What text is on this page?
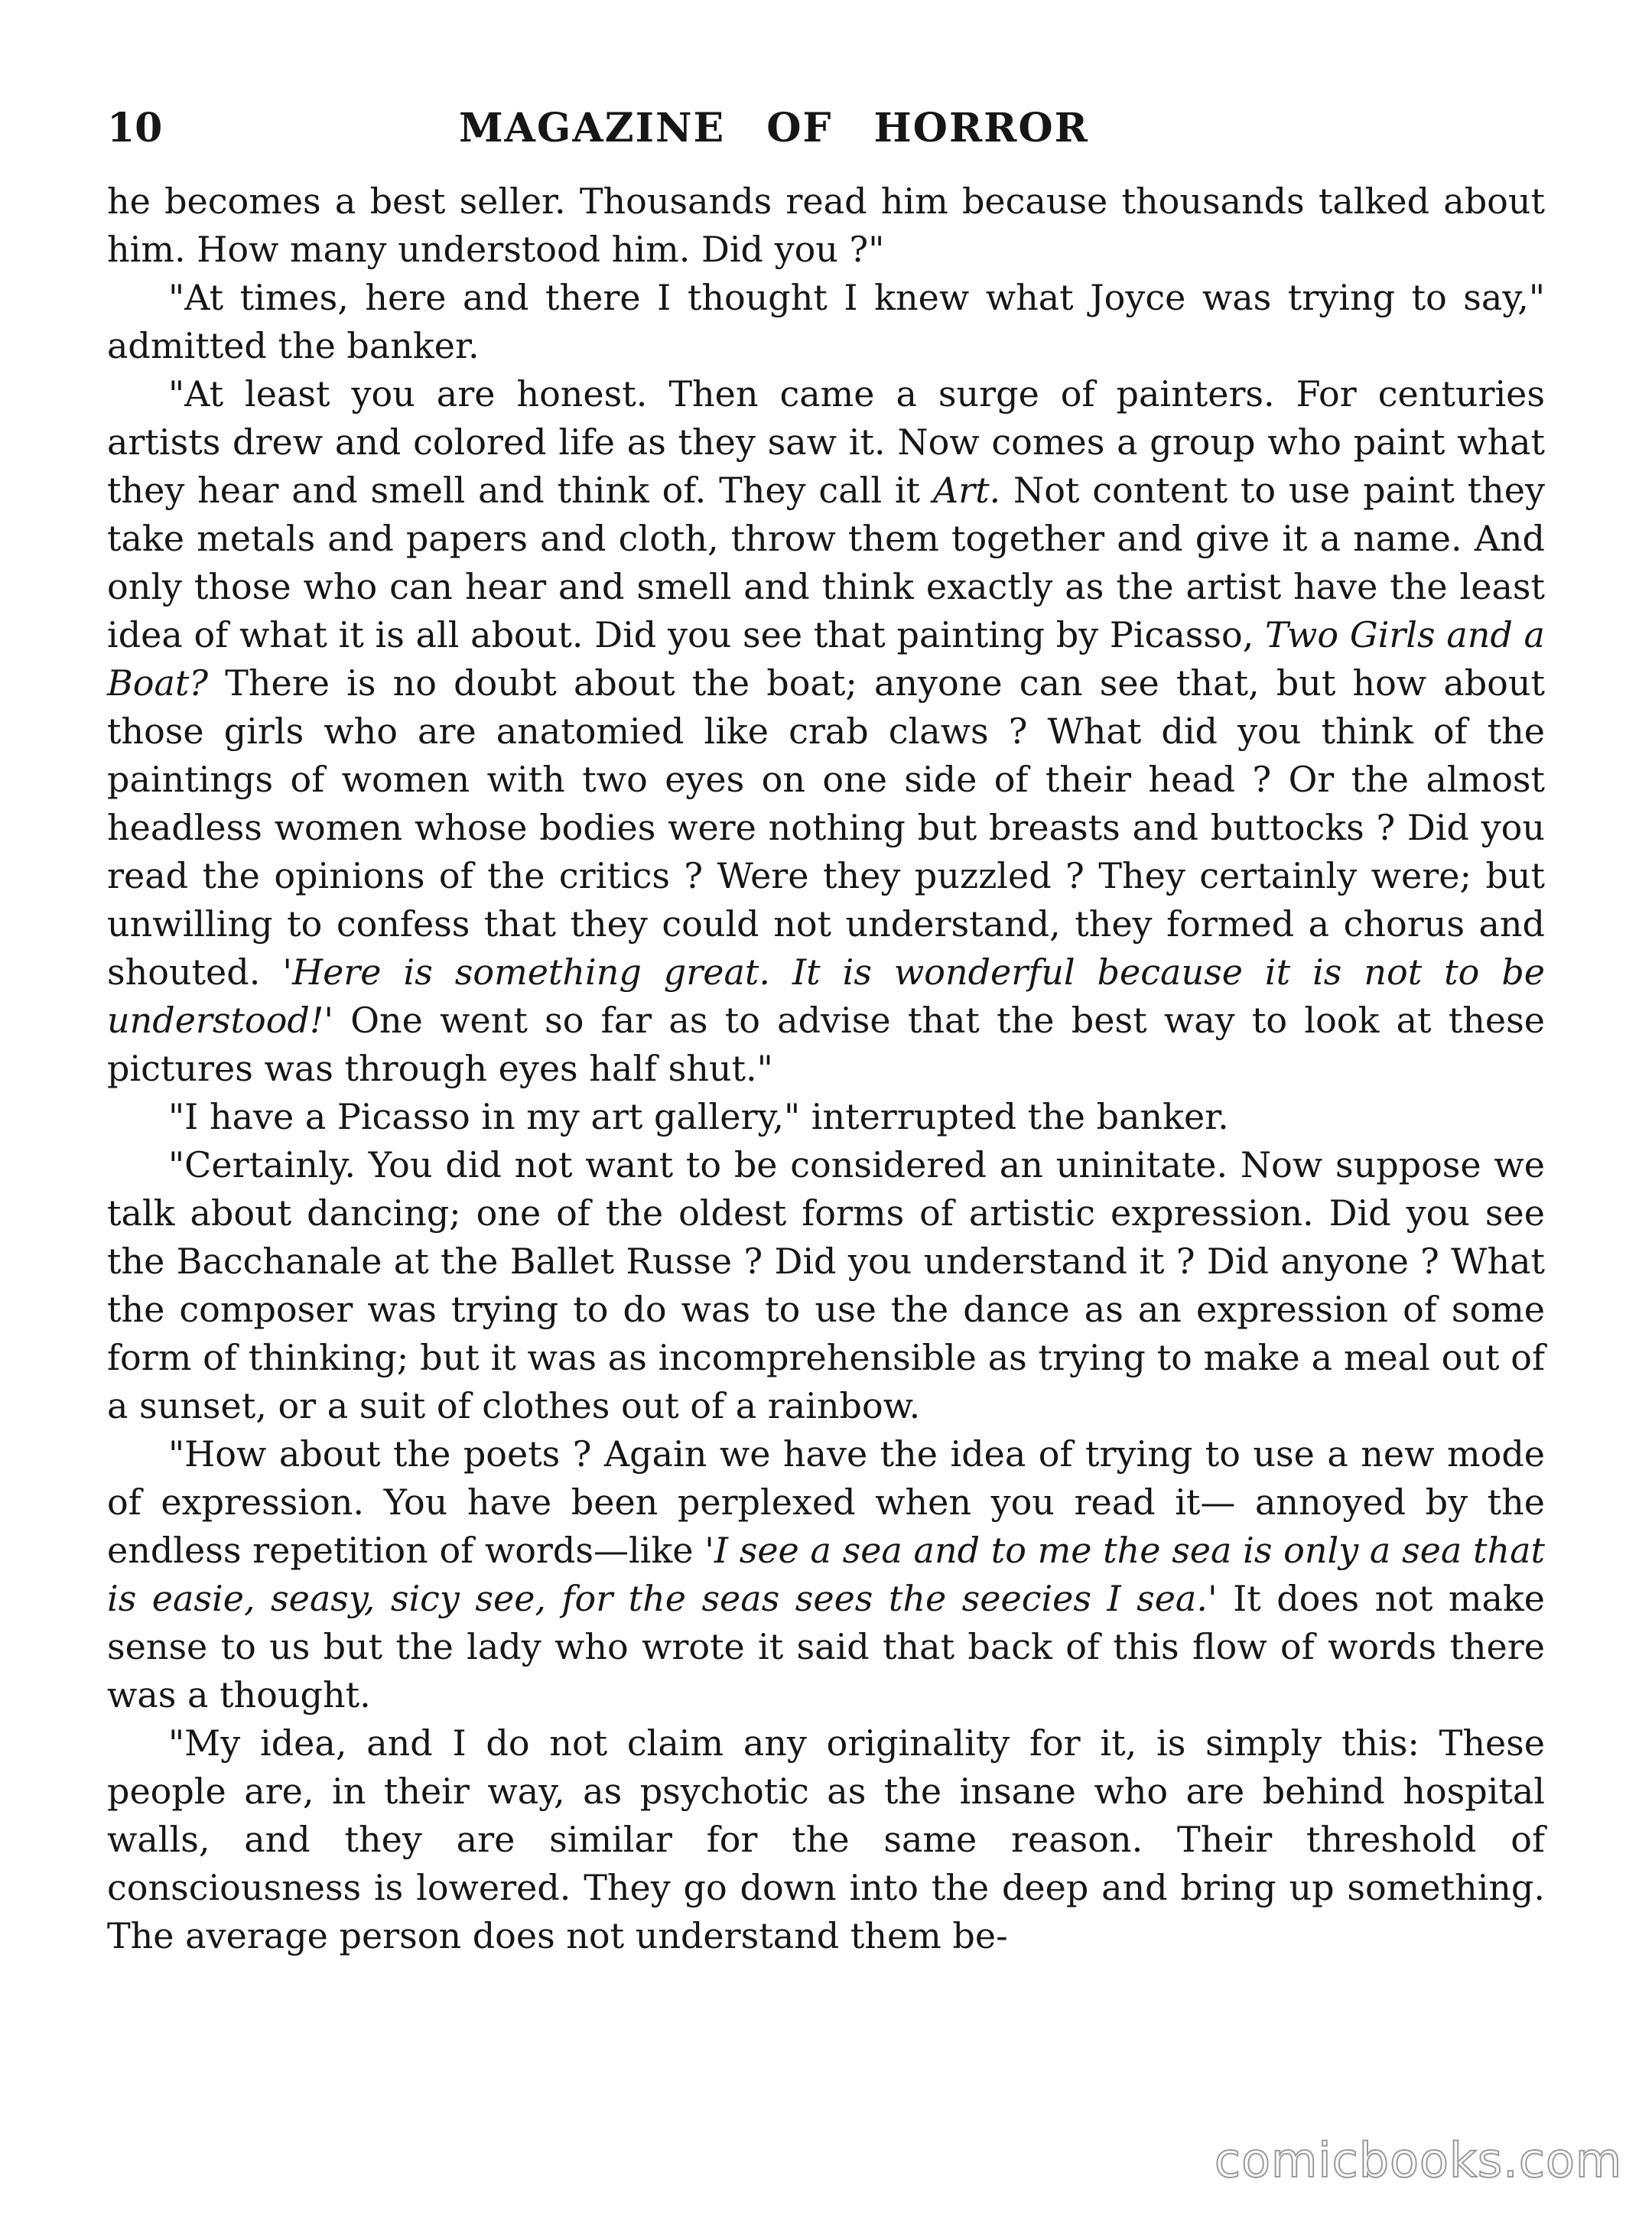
10	MAGAZINE OF HORROR

he becomes a best seller. Thousands read him because thousands talked about him. How many understood him. Did you ?"

"At times, here and there I thought I knew what Joyce was trying to say," admitted the banker.

"At least you are honest. Then came a surge of painters. For centuries artists drew and colored life as they saw it. Now comes a group who paint what they hear and smell and think of. They call it Art. Not content to use paint they take metals and papers and cloth, throw them together and give it a name. And only those who can hear and smell and think exactly as the artist have the least idea of what it is all about. Did you see that painting by Picasso, Two Girls and a Boat? There is no doubt about the boat; anyone can see that, but how about those girls who are anatomied like crab claws ? What did you think of the paintings of women with two eyes on one side of their head ? Or the almost headless women whose bodies were nothing but breasts and buttocks ? Did you read the opinions of the critics ? Were they puzzled ? They certainly were; but unwilling to confess that they could not understand, they formed a chorus and shouted. 'Here is something great. It is wonderful because it is not to be understood!' One went so far as to advise that the best way to look at these pictures was through eyes half shut."

"I have a Picasso in my art gallery," interrupted the banker.

"Certainly. You did not want to be considered an uninitate. Now suppose we talk about dancing; one of the oldest forms of artistic expression. Did you see the Bacchanale at the Ballet Russe ? Did you understand it ? Did anyone ? What the composer was trying to do was to use the dance as an expression of some form of thinking; but it was as incomprehensible as trying to make a meal out of a sunset, or a suit of clothes out of a rainbow.

"How about the poets ? Again we have the idea of trying to use a new mode of expression. You have been perplexed when you read it— annoyed by the endless repetition of words—like 'I see a sea and to me the sea is only a sea that is easie, seasy, sicy see, for the seas sees the seecies I sea.' It does not make sense to us but the lady who wrote it said that back of this flow of words there was a thought.

"My idea, and I do not claim any originality for it, is simply this: These people are, in their way, as psychotic as the insane who are behind hospital walls, and they are similar for the same reason. Their threshold of consciousness is lowered. They go down into the deep and bring up something. The average person does not understand them be-

comicbooks.com
